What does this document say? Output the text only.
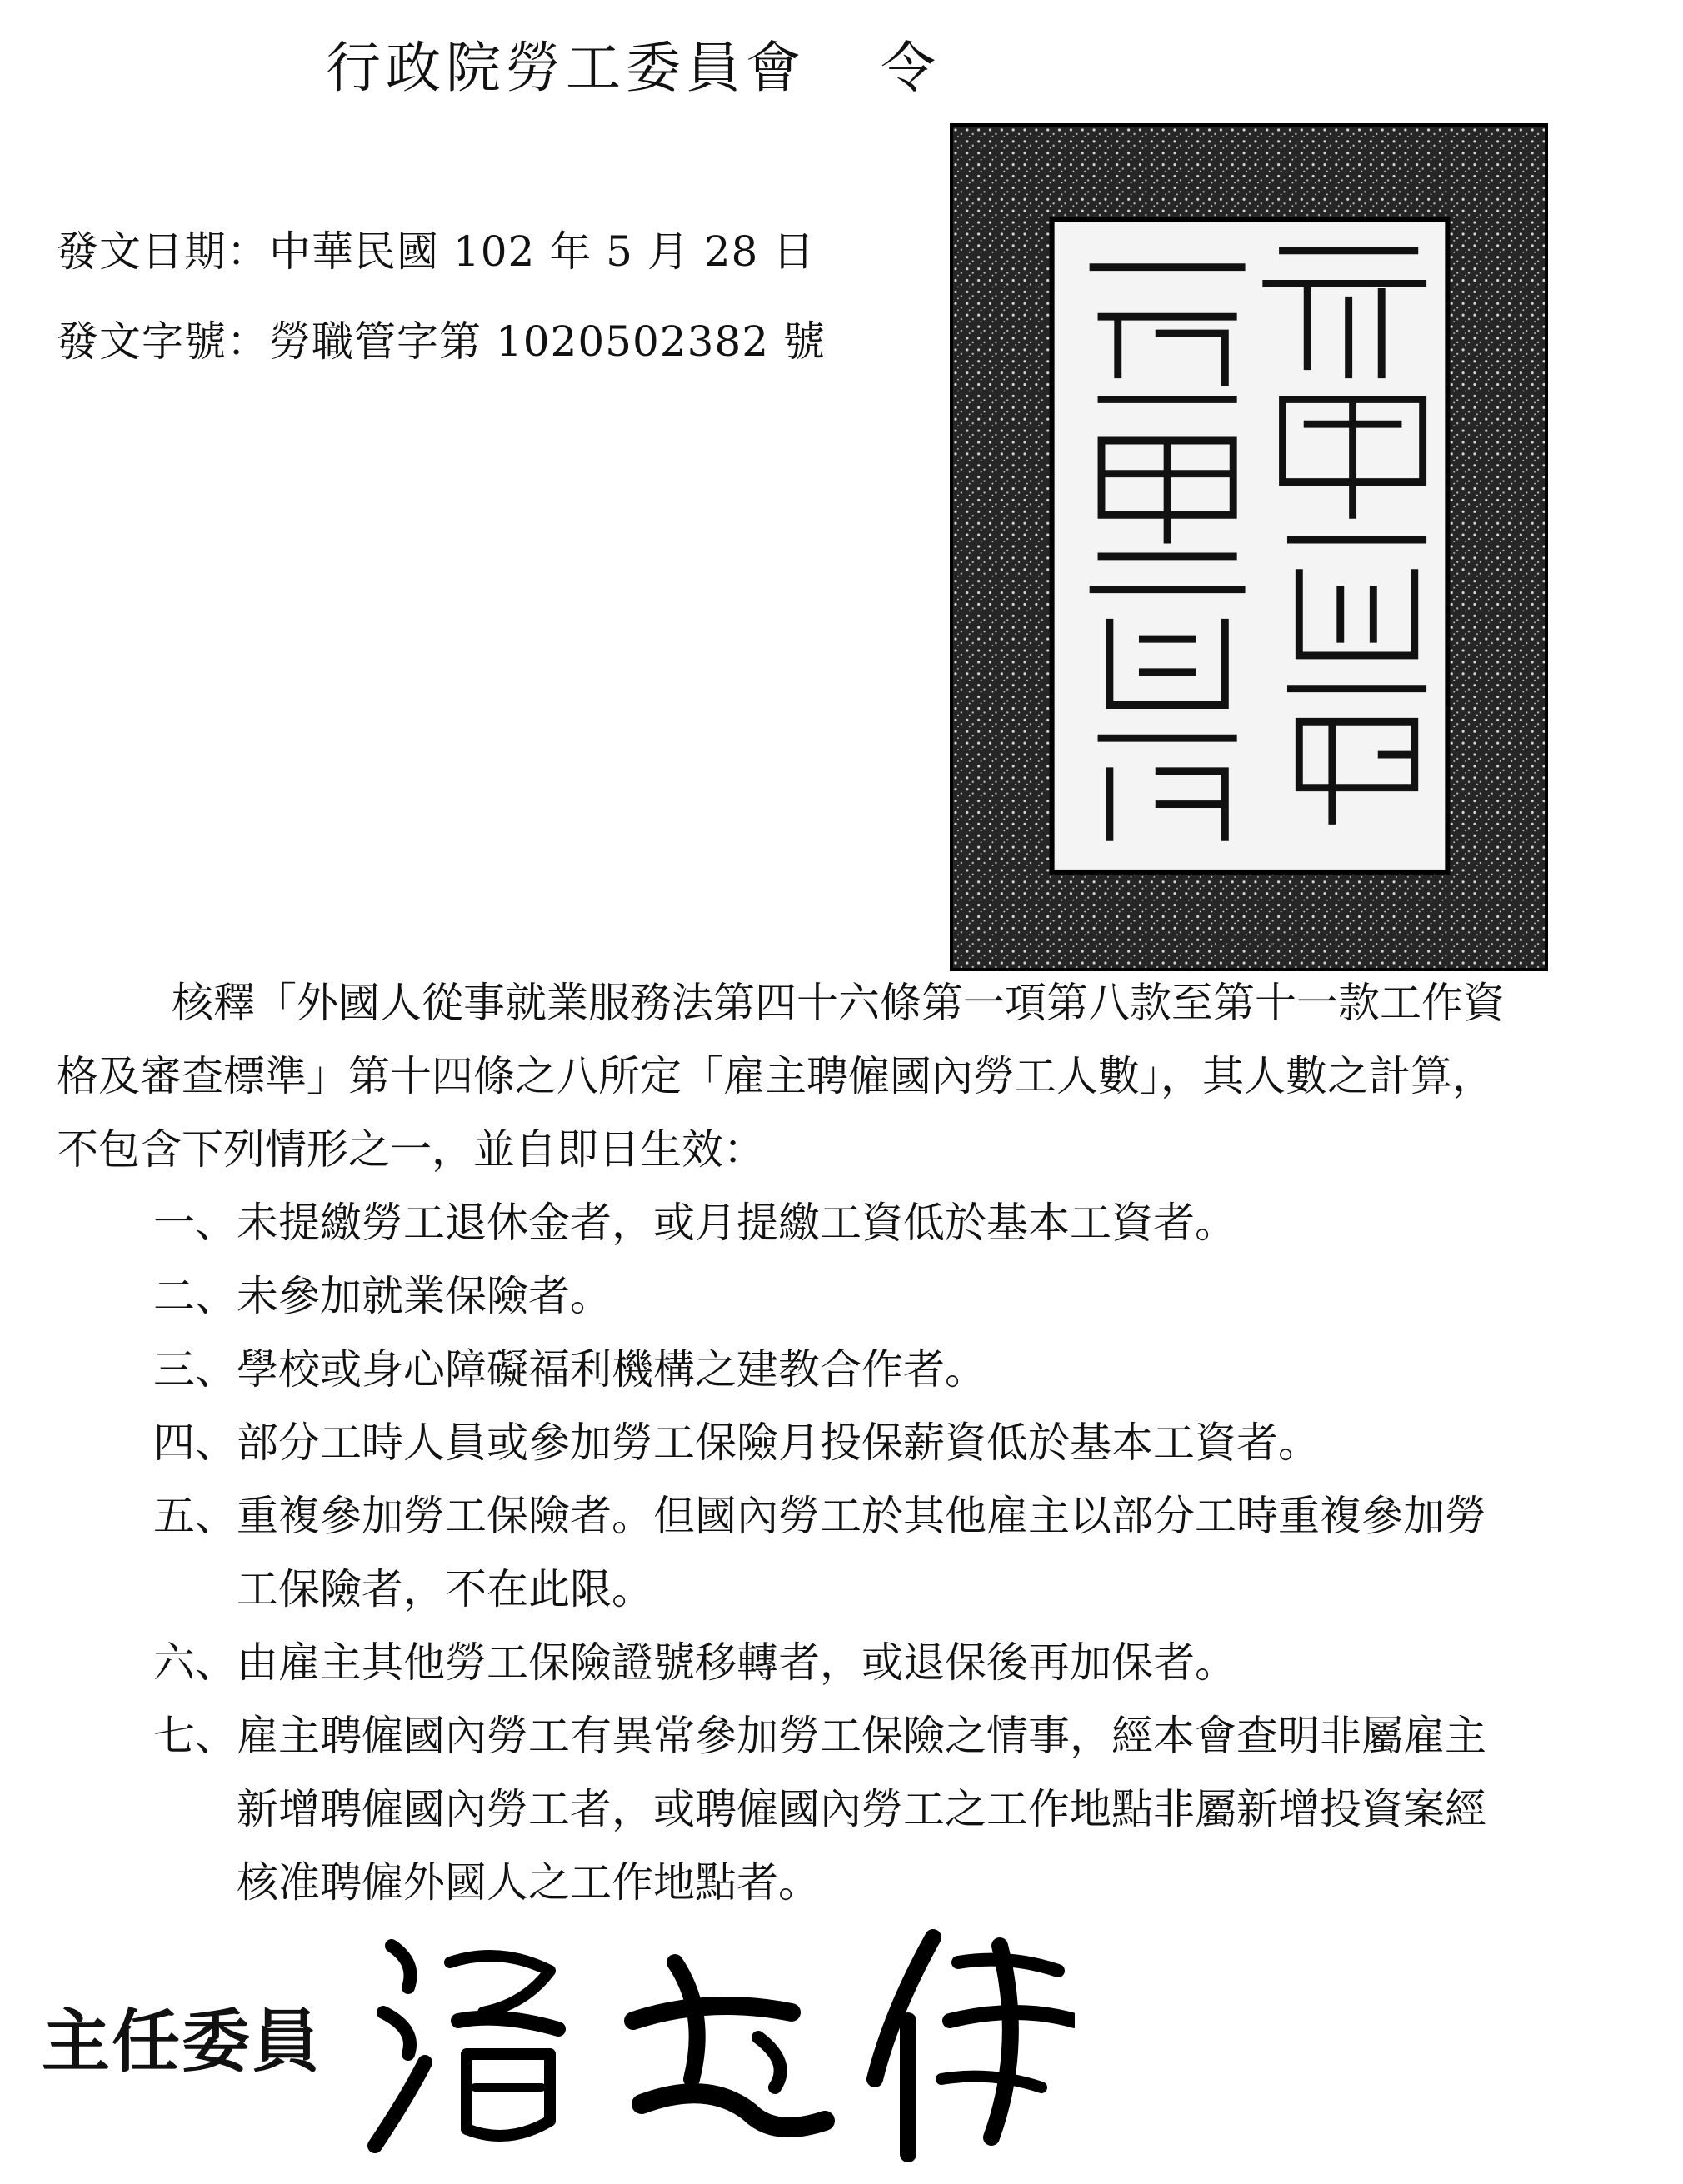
行政院勞工委員會 令
發文日期：中華民國 102 年 5 月 28 日
發文字號：勞職管字第 1020502382 號
行政院勞工委員會印

核釋「外國人從事就業服務法第四十六條第一項第八款至第十一款工作資格及審查標準」第十四條之八所定「雇主聘僱國內勞工人數」，其人數之計算，不包含下列情形之一，並自即日生效：

一、 未提繳勞工退休金者，或月提繳工資低於基本工資者。
二、 未參加就業保險者。
三、 學校或身心障礙福利機構之建教合作者。
四、 部分工時人員或參加勞工保險月投保薪資低於基本工資者。
五、 重複參加勞工保險者。但國內勞工於其他雇主以部分工時重複參加勞工保險者，不在此限。
六、 由雇主其他勞工保險證號移轉者，或退保後再加保者。
七、 雇主聘僱國內勞工有異常參加勞工保險之情事，經本會查明非屬雇主新增聘僱國內勞工者，或聘僱國內勞工之工作地點非屬新增投資案經核准聘僱外國人之工作地點者。
主任委員
潘世偉
